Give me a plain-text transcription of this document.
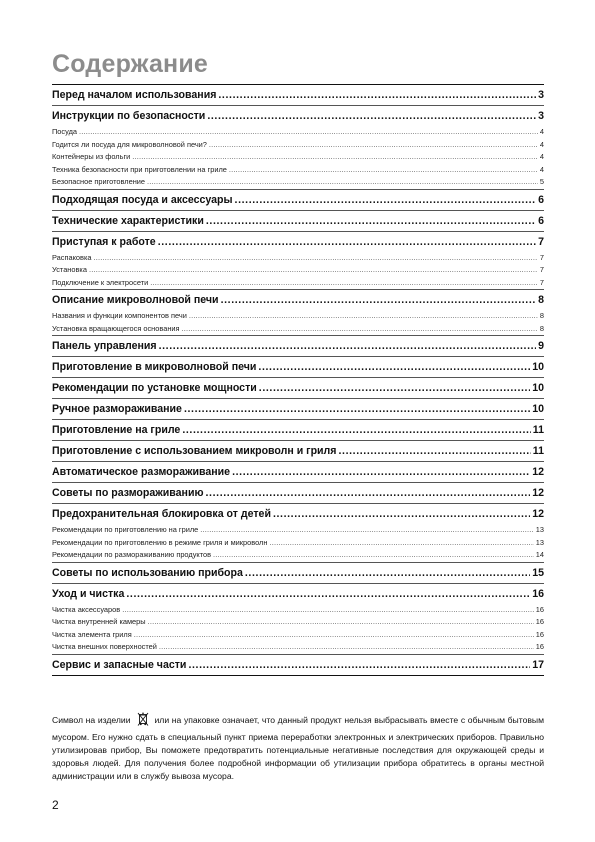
Содержание
Перед началом использования .....	3
Инструкции по безопасности .....	3
Посуда .....	4
Годится ли посуда для микроволновой печи? .....	4
Контейнеры из фольги .....	4
Техника безопасности при приготовлении на гриле .....	4
Безопасное приготовление .....	5
Подходящая посуда и аксессуары .....	6
Технические характеристики .....	6
Приступая к работе .....	7
Распаковка .....	7
Установка .....	7
Подключение к электросети .....	7
Описание микроволновой печи .....	8
Названия и функции компонентов печи .....	8
Установка вращающегося основания .....	8
Панель управления .....	9
Приготовление в микроволновой печи .....	10
Рекомендации по установке мощности .....	10
Ручное размораживание .....	10
Приготовление на гриле .....	11
Приготовление с использованием микроволн и гриля .....	11
Автоматическое размораживание .....	12
Советы по размораживанию .....	12
Предохранительная блокировка от детей .....	12
Рекомендации по приготовлению на гриле .....	13
Рекомендации по приготовлению в режиме гриля и микроволн .....	13
Рекомендации по размораживанию продуктов .....	14
Советы по использованию прибора .....	15
Уход и чистка .....	16
Чистка аксессуаров .....	16
Чистка внутренней камеры .....	16
Чистка элемента гриля .....	16
Чистка внешних поверхностей .....	16
Сервис и запасные части .....	17
Символ на изделии	или на упаковке означает, что данный продукт нельзя выбрасывать вместе с обычным бытовым мусором. Его нужно сдать в специальный пункт приема переработки электронных и электрических приборов. Правильно утилизировав прибор, Вы поможете предотвратить потенциальные негативные последствия для окружающей среды и здоровья людей. Для получения более подробной информации об утилизации прибора обратитесь в органы местной администрации или в службу вывоза мусора.
2
